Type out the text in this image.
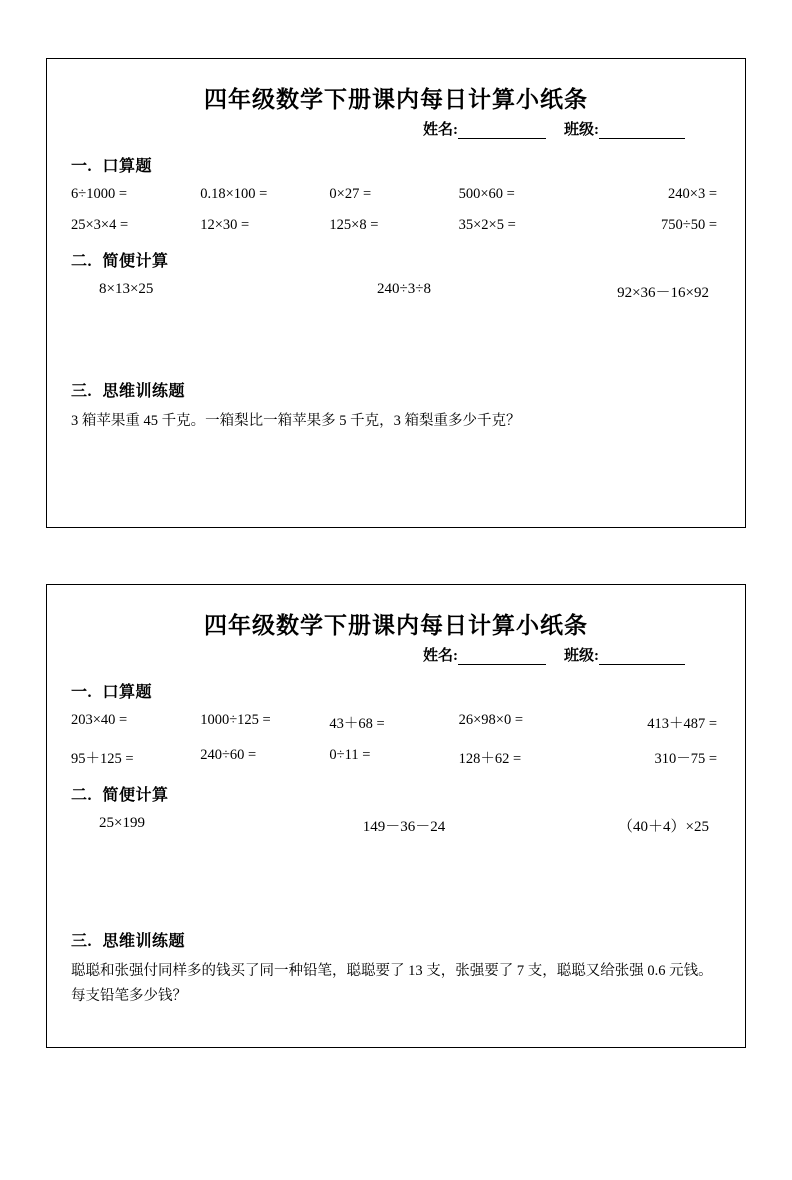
四年级数学下册课内每日计算小纸条
姓名:	班级:
一. 口算题
6÷1000 =	0.18×100 =	0×27 =	500×60 =	240×3 =
25×3×4 =	12×30 =	125×8 =	35×2×5 =	750÷50 =
二. 简便计算
8×13×25	240÷3÷8	92×36－16×92
三. 思维训练题

3 箱苹果重 45 千克。一箱梨比一箱苹果多 5 千克，3 箱梨重多少千克？

四年级数学下册课内每日计算小纸条
姓名:	班级:
一. 口算题
203×40 =	1000÷125 =	43＋68 =	26×98×0 =	413＋487 =
95＋125 =	240÷60 =	0÷11 =	128＋62 =	310－75 =
二. 简便计算
25×199	149－36－24	（40＋4）×25
三. 思维训练题

聪聪和张强付同样多的钱买了同一种铅笔，聪聪要了 13 支，张强要了 7 支，聪聪又给张强 0.6 元钱。每支铅笔多少钱？
